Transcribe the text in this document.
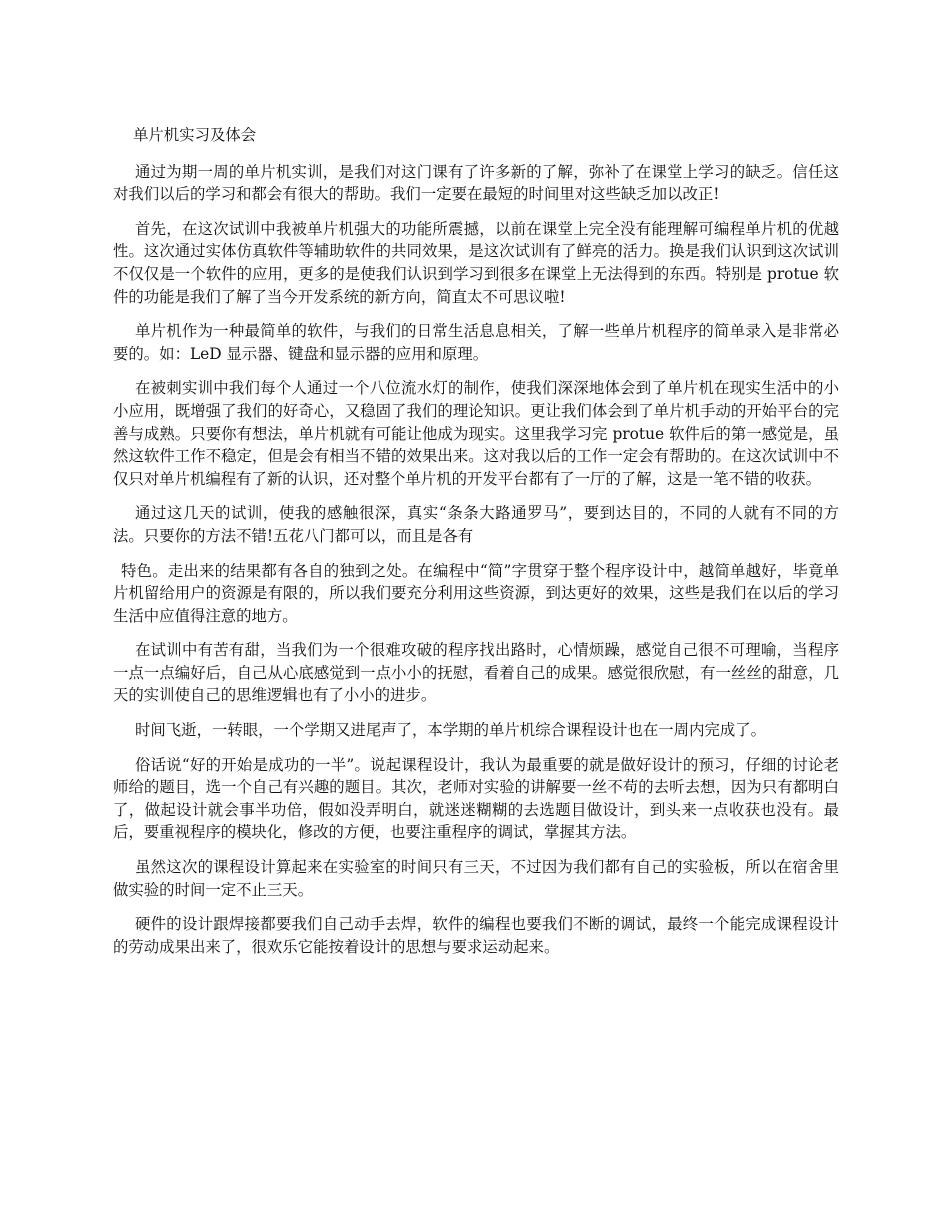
单片机实习及体会

通过为期一周的单片机实训，是我们对这门课有了许多新的了解，弥补了在课堂上学习的缺乏。信任这对我们以后的学习和都会有很大的帮助。我们一定要在最短的时间里对这些缺乏加以改正!

首先，在这次试训中我被单片机强大的功能所震撼，以前在课堂上完全没有能理解可编程单片机的优越性。这次通过实体仿真软件等辅助软件的共同效果，是这次试训有了鲜亮的活力。换是我们认识到这次试训不仅仅是一个软件的应用，更多的是使我们认识到学习到很多在课堂上无法得到的东西。特别是 protue 软件的功能是我们了解了当今开发系统的新方向，简直太不可思议啦!

单片机作为一种最简单的软件，与我们的日常生活息息相关，了解一些单片机程序的简单录入是非常必要的。如：LeD 显示器、键盘和显示器的应用和原理。

在被刺实训中我们每个人通过一个八位流水灯的制作，使我们深深地体会到了单片机在现实生活中的小小应用，既增强了我们的好奇心，又稳固了我们的理论知识。更让我们体会到了单片机手动的开始平台的完善与成熟。只要你有想法，单片机就有可能让他成为现实。这里我学习完 protue 软件后的第一感觉是，虽然这软件工作不稳定，但是会有相当不错的效果出来。这对我以后的工作一定会有帮助的。在这次试训中不仅只对单片机编程有了新的认识，还对整个单片机的开发平台都有了一厅的了解，这是一笔不错的收获。

通过这几天的试训，使我的感触很深，真实“条条大路通罗马”，要到达目的，不同的人就有不同的方法。只要你的方法不错!五花八门都可以，而且是各有

特色。走出来的结果都有各自的独到之处。在编程中“简”字贯穿于整个程序设计中，越简单越好，毕竟单片机留给用户的资源是有限的，所以我们要充分利用这些资源，到达更好的效果，这些是我们在以后的学习生活中应值得注意的地方。

在试训中有苦有甜，当我们为一个很难攻破的程序找出路时，心情烦躁，感觉自己很不可理喻，当程序一点一点编好后，自己从心底感觉到一点小小的抚慰，看着自己的成果。感觉很欣慰，有一丝丝的甜意，几天的实训使自己的思维逻辑也有了小小的进步。

时间飞逝，一转眼，一个学期又进尾声了，本学期的单片机综合课程设计也在一周内完成了。

俗话说“好的开始是成功的一半”。说起课程设计，我认为最重要的就是做好设计的预习，仔细的讨论老师给的题目，选一个自己有兴趣的题目。其次，老师对实验的讲解要一丝不苟的去听去想，因为只有都明白了，做起设计就会事半功倍，假如没弄明白，就迷迷糊糊的去选题目做设计，到头来一点收获也没有。最后，要重视程序的模块化，修改的方便，也要注重程序的调试，掌握其方法。

虽然这次的课程设计算起来在实验室的时间只有三天，不过因为我们都有自己的实验板，所以在宿舍里做实验的时间一定不止三天。

硬件的设计跟焊接都要我们自己动手去焊，软件的编程也要我们不断的调试，最终一个能完成课程设计的劳动成果出来了，很欢乐它能按着设计的思想与要求运动起来。
